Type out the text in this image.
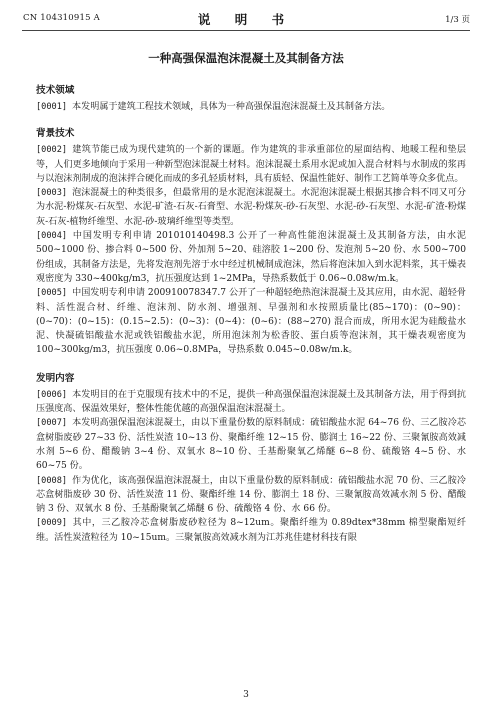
CN 104310915 A	说 明 书	1/3 页
一种高强保温泡沫混凝土及其制备方法
技术领域

[0001] 本发明属于建筑工程技术领域，具体为一种高强保温泡沫混凝土及其制备方法。

背景技术

[0002] 建筑节能已成为现代建筑的一个新的课题。作为建筑的非承重部位的屋面结构、地暖工程和垫层等，人们更多地倾向于采用一种新型泡沫混凝土材料。泡沫混凝土系用水泥或加入混合材料与水制成的浆再与以泡沫剂制成的泡沫拌合硬化而成的多孔轻质材料，具有质轻、保温性能好、制作工艺简单等众多优点。

[0003] 泡沫混凝土的种类很多，但最常用的是水泥泡沫混凝土。水泥泡沫混凝土根据其掺合料不同又可分为水泥-粉煤灰-石灰型、水泥-矿渣-石灰-石膏型、水泥-粉煤灰-砂-石灰型、水泥-砂-石灰型、水泥-矿渣-粉煤灰-石灰-植物纤维型、水泥-砂-玻璃纤维型等类型。

[0004] 中国发明专利申请 201010140498.3 公开了一种高性能泡沫混凝土及其制备方法，由水泥 500~1000 份、掺合料 0~500 份、外加剂 5~20、硅溶胶 1~200 份、发泡剂 5~20 份、水 500~700 份组成，其制备方法是，先将发泡剂先溶于水中经过机械制成泡沫，然后将泡沫加入到水泥料浆，其干燥表观密度为 330~400kg/m3，抗压强度达到 1~2MPa，导热系数低于 0.06~0.08w/m.k。

[0005] 中国发明专利申请 200910078347.7 公开了一种超轻绝热泡沫混凝土及其应用，由水泥、超轻骨料、活性混合材、纤维、泡沫剂、防水剂、增强剂、早强剂和水按照质量比(85~170)：(0~90)：(0~70)：(0~15)：(0.15~2.5)：(0~3)：(0~4)：(0~6)：(88~270) 混合而成，所用水泥为硅酸盐水泥、快凝硫铝酸盐水泥或铁铝酸盐水泥，所用泡沫剂为松香胶、蛋白质等泡沫剂，其干燥表观密度为 100~300kg/m3，抗压强度 0.06~0.8MPa，导热系数 0.045~0.08w/m.k。

发明内容

[0006] 本发明目的在于克服现有技术中的不足，提供一种高强保温泡沫混凝土及其制备方法，用于得到抗压强度高、保温效果好，整体性能优越的高强保温泡沫混凝土。

[0007] 本发明高强保温泡沫混凝土，由以下重量份数的原料制成：硫铝酸盐水泥 64~76 份、三乙胺冷芯盒树脂废砂 27~33 份、活性炭渣 10~13 份、聚酯纤维 12~15 份、膨润土 16~22 份、三聚氰胺高效减水剂 5~6 份、醋酸钠 3~4 份、双氧水 8~10 份、壬基酚聚氧乙烯醚 6~8 份、硫酸铬 4~5 份、水 60~75 份。

[0008] 作为优化，该高强保温泡沫混凝土，由以下重量份数的原料制成：硫铝酸盐水泥 70 份、三乙胺冷芯盒树脂废砂 30 份、活性炭渣 11 份、聚酯纤维 14 份、膨润土 18 份、三聚氰胺高效减水剂 5 份、醋酸钠 3 份、双氧水 8 份、壬基酚聚氧乙烯醚 6 份、硫酸铬 4 份、水 66 份。

[0009] 其中，三乙胺冷芯盒树脂废砂粒径为 8~12um。聚酯纤维为 0.89dtex*38mm 棉型聚酯短纤维。活性炭渣粒径为 10~15um。三聚氰胺高效减水剂为江苏兆佳建材科技有限

3
